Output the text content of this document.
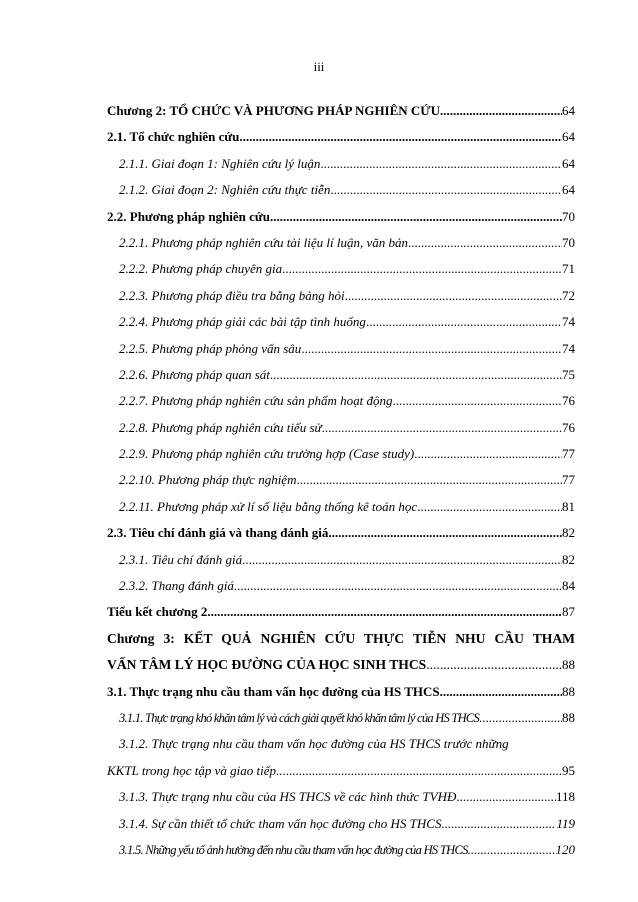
iii
Chương 2: TỔ CHỨC VÀ PHƯƠNG PHÁP NGHIÊN CỨU .....	64
2.1. Tổ chức nghiên cứu .....	64
2.1.1. Giai đoạn 1: Nghiên cứu lý luận .....	64
2.1.2. Giai đoạn 2: Nghiên cứu thực tiễn .....	64
2.2. Phương pháp nghiên cứu .....	70
2.2.1. Phương pháp nghiên cứu tài liệu lí luận, văn bản .....	70
2.2.2. Phương pháp chuyên gia .....	71
2.2.3. Phương pháp điều tra bằng bảng hỏi .....	72
2.2.4. Phương pháp giải các bài tập tình huống .....	74
2.2.5. Phương pháp phỏng vấn sâu .....	74
2.2.6. Phương pháp quan sát .....	75
2.2.7. Phương pháp nghiên cứu sản phẩm hoạt động .....	76
2.2.8. Phương pháp nghiên cứu tiểu sử .....	76
2.2.9. Phương pháp nghiên cứu trường hợp (Case study) .....	77
2.2.10. Phương pháp thực nghiệm .....	77
2.2.11. Phương pháp xử lí số liệu bằng thống kê toán học .....	81
2.3. Tiêu chí đánh giá và thang đánh giá .....	82
2.3.1. Tiêu chí đánh giá .....	82
2.3.2. Thang đánh giá .....	84
Tiểu kết chương 2 .....	87
Chương 3: KẾT QUẢ NGHIÊN CỨU THỰC TIỄN NHU CẦU THAM
VẤN TÂM LÝ HỌC ĐƯỜNG CỦA HỌC SINH THCS .....	88
3.1. Thực trạng nhu cầu tham vấn học đường của HS THCS .....	88
3.1.1. Thực trạng khó khăn tâm lý và cách giải quyết khó khăn tâm lý của HS THCS .....	88
3.1.2. Thực trạng nhu cầu tham vấn học đường của HS THCS trước những
KKTL trong học tập và giao tiếp .....	95
3.1.3. Thực trạng nhu cầu của HS THCS về các hình thức TVHĐ .....	118
3.1.4. Sự cần thiết tổ chức tham vấn học đường cho HS THCS .....	119
3.1.5. Những yếu tố ảnh hưởng đến nhu cầu tham vấn học đường của HS THCS .....	120
